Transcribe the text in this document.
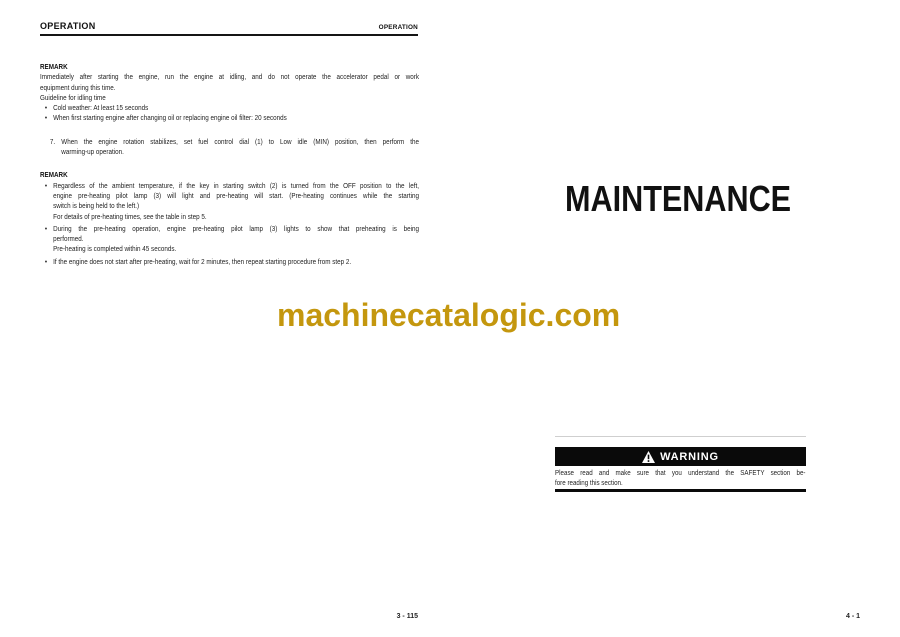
OPERATION	OPERATION
REMARK
Immediately after starting the engine, run the engine at idling, and do not operate the accelerator pedal or work
equipment during this time.
Guideline for idling time
• Cold weather: At least 15 seconds
• When first starting engine after changing oil or replacing engine oil filter: 20 seconds
7. When the engine rotation stabilizes, set fuel control dial (1) to Low idle (MIN) position, then perform the
warming-up operation.
REMARK
• Regardless of the ambient temperature, if the key in starting switch (2) is turned from the OFF position to the left,
engine pre-heating pilot lamp (3) will light and pre-heating will start. (Pre-heating continues while the starting
switch is being held to the left.)
For details of pre-heating times, see the table in step 5.
• During the pre-heating operation, engine pre-heating pilot lamp (3) lights to show that preheating is being
performed.
Pre-heating is completed within 45 seconds.
• If the engine does not start after pre-heating, wait for 2 minutes, then repeat starting procedure from step 2.
machinecatalogic.com
MAINTENANCE
WARNING
Please read and make sure that you understand the SAFETY section be-
fore reading this section.
3 - 115	4 - 1
